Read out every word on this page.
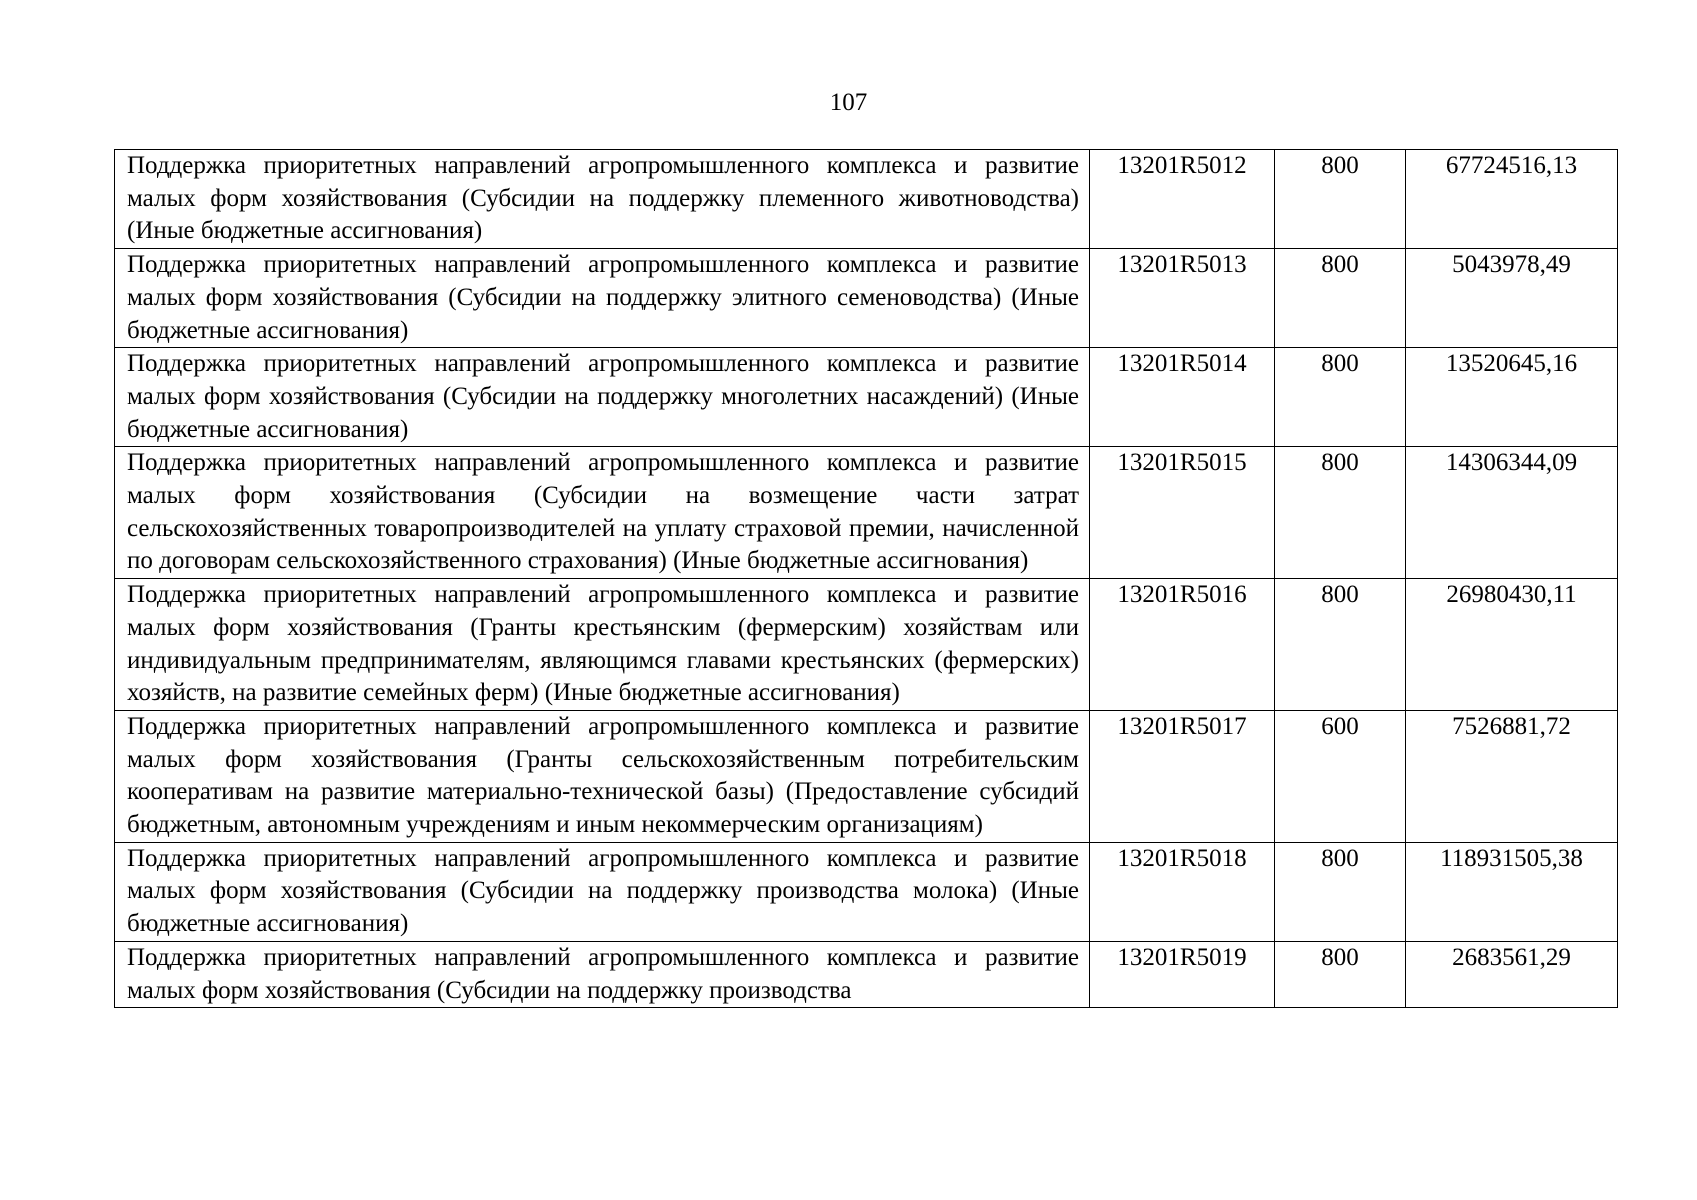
107
Поддержка приоритетных направлений агропромышленного комплекса и развитие малых форм хозяйствования (Субсидии на поддержку племенного животноводства) (Иные бюджетные ассигнования)	13201R5012	800	67724516,13
Поддержка приоритетных направлений агропромышленного комплекса и развитие малых форм хозяйствования (Субсидии на поддержку элитного семеноводства) (Иные бюджетные ассигнования)	13201R5013	800	5043978,49
Поддержка приоритетных направлений агропромышленного комплекса и развитие малых форм хозяйствования (Субсидии на поддержку многолетних насаждений) (Иные бюджетные ассигнования)	13201R5014	800	13520645,16
Поддержка приоритетных направлений агропромышленного комплекса и развитие малых форм хозяйствования (Субсидии на возмещение части затрат сельскохозяйственных товаропроизводителей на уплату страховой премии, начисленной по договорам сельскохозяйственного страхования) (Иные бюджетные ассигнования)	13201R5015	800	14306344,09
Поддержка приоритетных направлений агропромышленного комплекса и развитие малых форм хозяйствования (Гранты крестьянским (фермерским) хозяйствам или индивидуальным предпринимателям, являющимся главами крестьянских (фермерских) хозяйств, на развитие семейных ферм) (Иные бюджетные ассигнования)	13201R5016	800	26980430,11
Поддержка приоритетных направлений агропромышленного комплекса и развитие малых форм хозяйствования (Гранты сельскохозяйственным потребительским кооперативам на развитие материально-технической базы) (Предоставление субсидий бюджетным, автономным учреждениям и иным некоммерческим организациям)	13201R5017	600	7526881,72
Поддержка приоритетных направлений агропромышленного комплекса и развитие малых форм хозяйствования (Субсидии на поддержку производства молока) (Иные бюджетные ассигнования)	13201R5018	800	118931505,38

Поддержка приоритетных направлений агропромышленного комплекса и развитие малых форм хозяйствования (Субсидии на поддержку производства	13201R5019	800	2683561,29
